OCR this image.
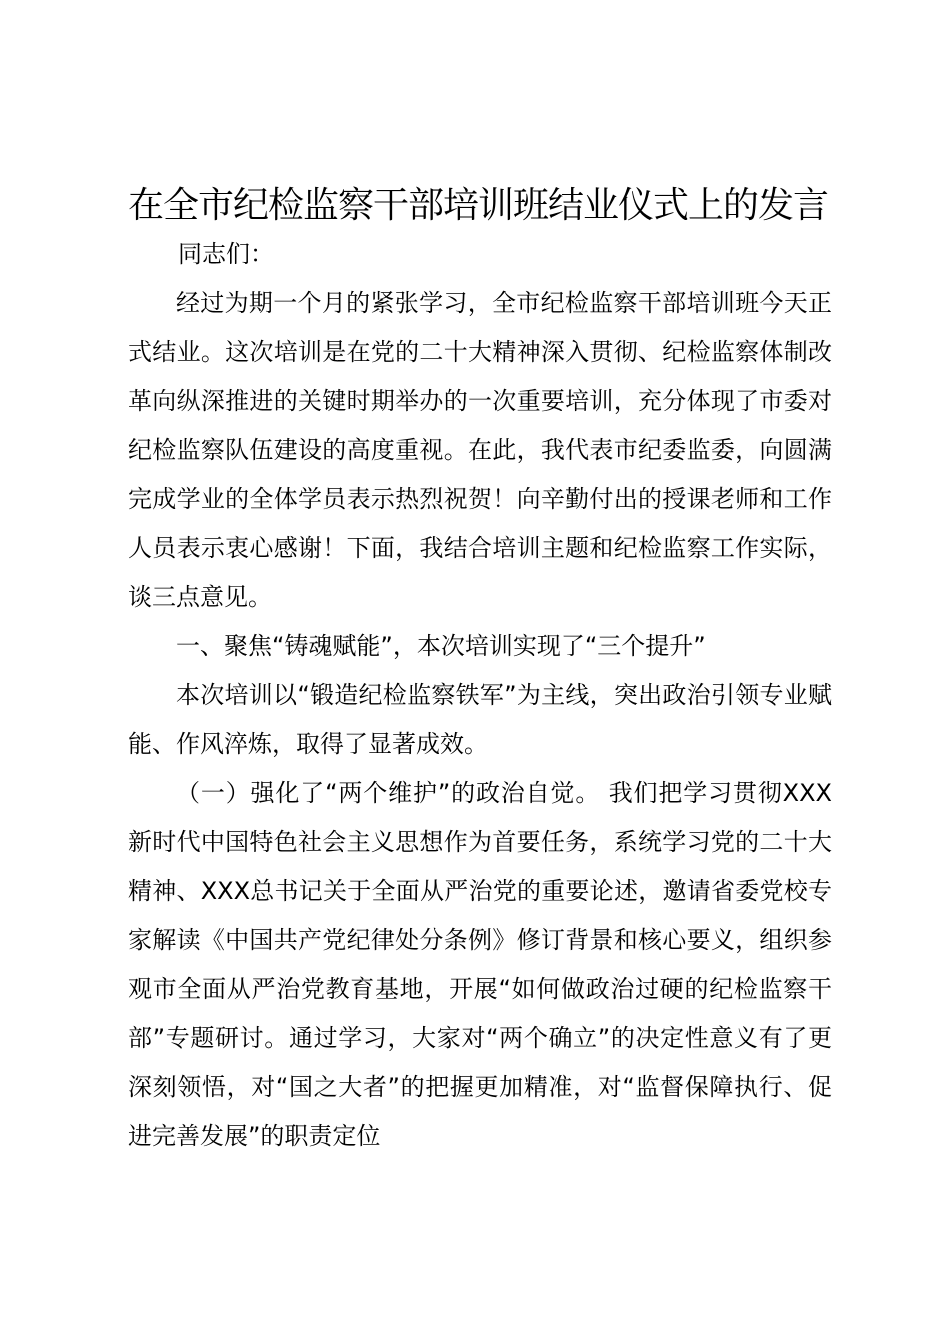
在全市纪检监察干部培训班结业仪式上的发言

同志们：

经过为期一个月的紧张学习，全市纪检监察干部培训班今天正式结业。这次培训是在党的二十大精神深入贯彻、纪检监察体制改革向纵深推进的关键时期举办的一次重要培训，充分体现了市委对纪检监察队伍建设的高度重视。在此，我代表市纪委监委，向圆满完成学业的全体学员表示热烈祝贺！向辛勤付出的授课老师和工作人员表示衷心感谢！下面，我结合培训主题和纪检监察工作实际，谈三点意见。

一、聚焦“铸魂赋能”，本次培训实现了“三个提升”

本次培训以“锻造纪检监察铁军”为主线，突出政治引领专业赋能、作风淬炼，取得了显著成效。

（一）强化了“两个维护”的政治自觉。 我们把学习贯彻XXX新时代中国特色社会主义思想作为首要任务，系统学习党的二十大精神、XXX总书记关于全面从严治党的重要论述，邀请省委党校专家解读《中国共产党纪律处分条例》修订背景和核心要义，组织参观市全面从严治党教育基地，开展“如何做政治过硬的纪检监察干部”专题研讨。通过学习，大家对“两个确立”的决定性意义有了更深刻领悟，对“国之大者”的把握更加精准，对“监督保障执行、促进完善发展”的职责定位
